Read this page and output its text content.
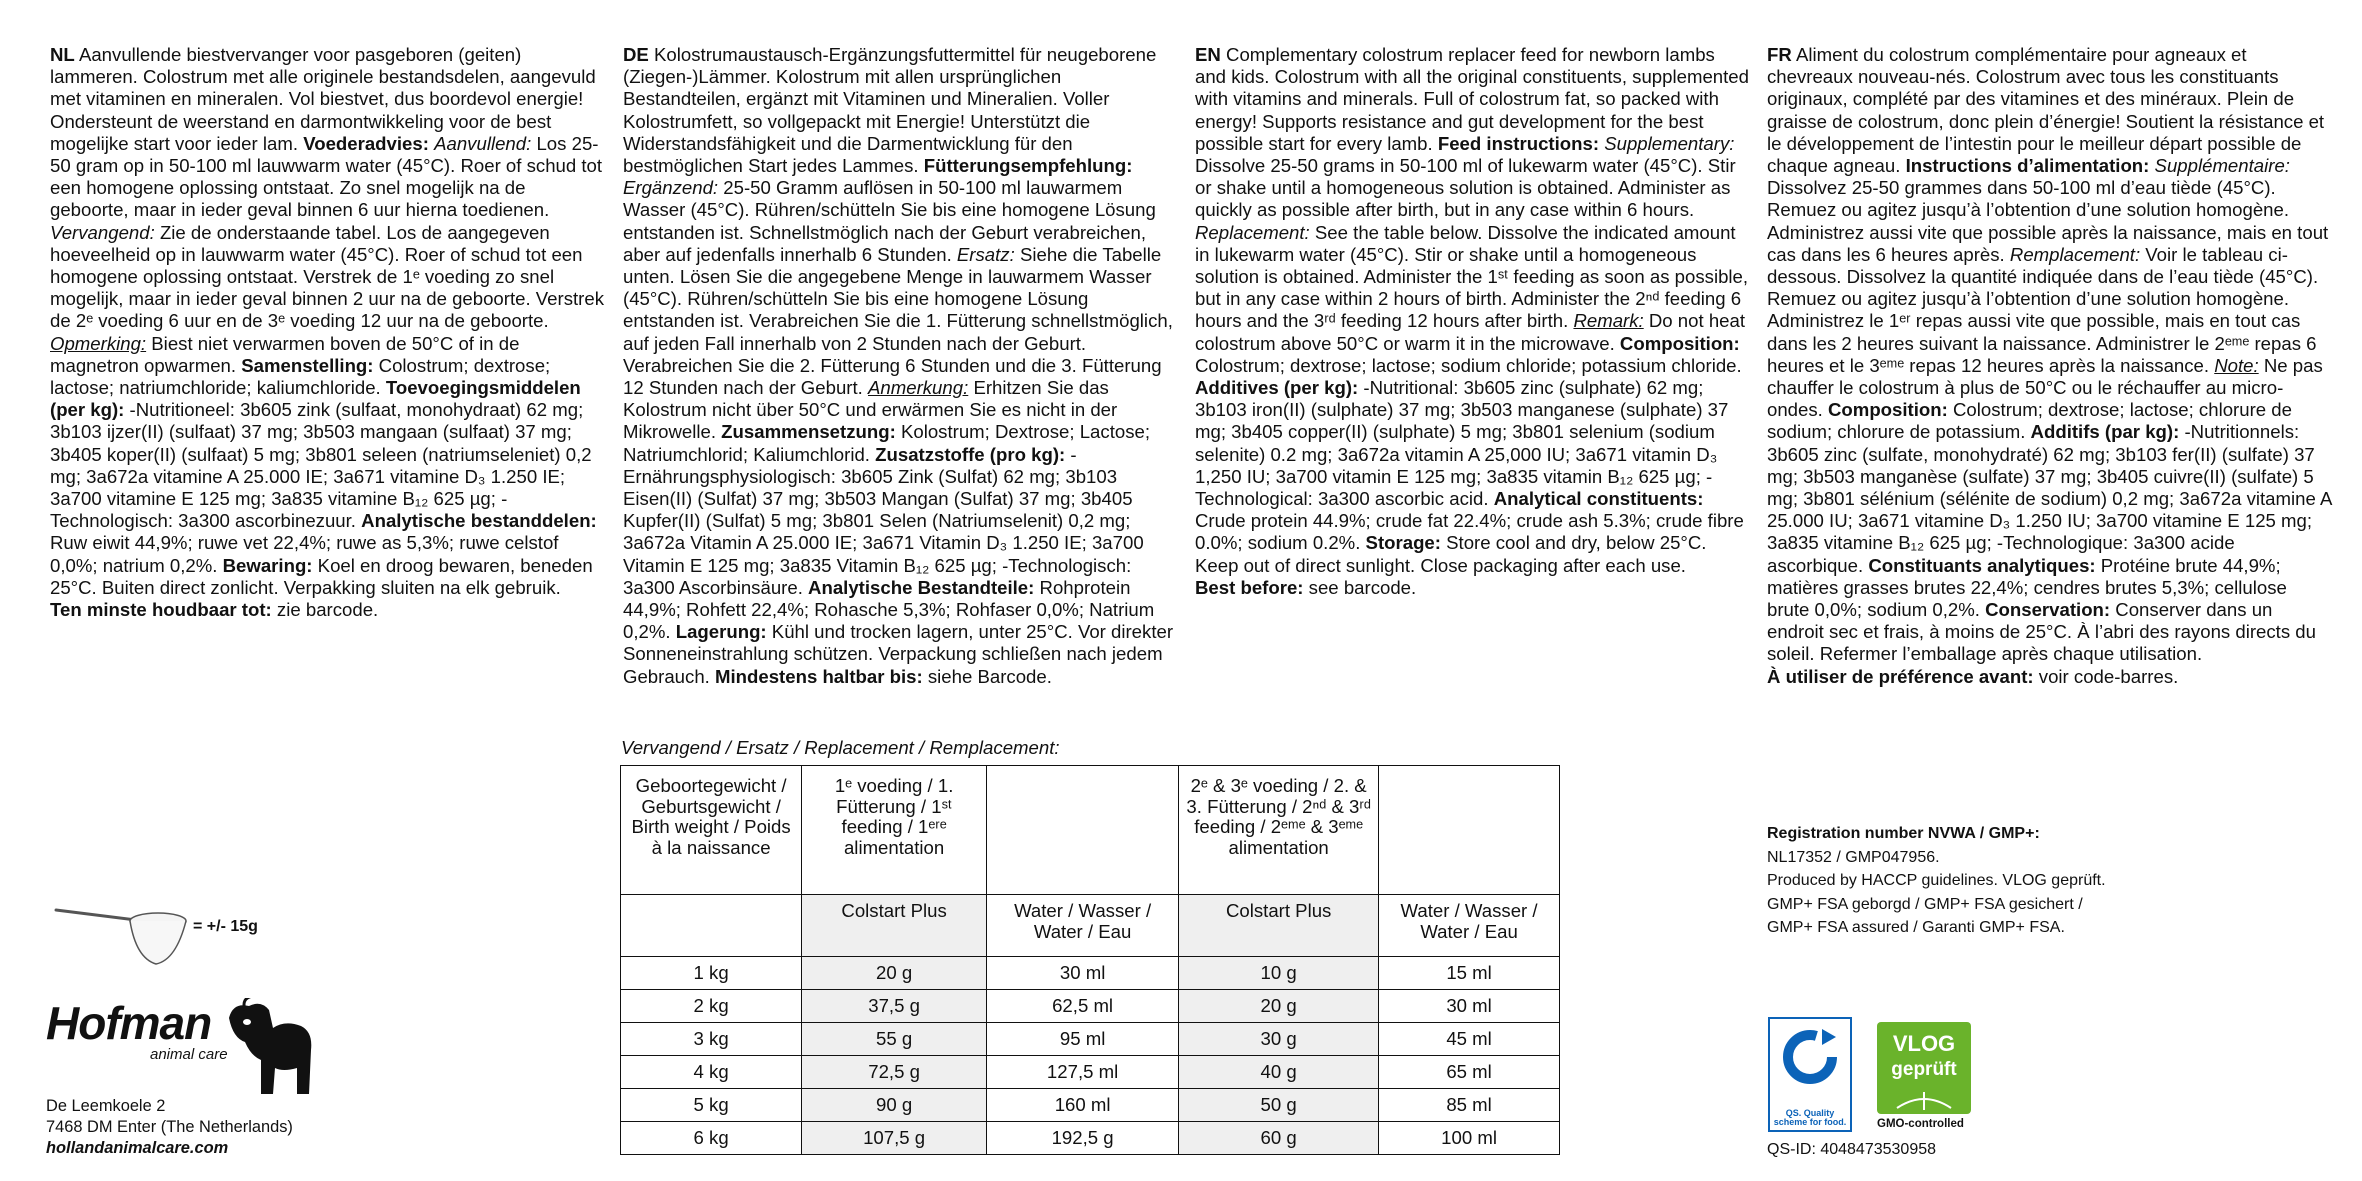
NL Aanvullende biestvervanger voor pasgeboren (geiten) lammeren. Colostrum met alle originele bestandsdelen, aangevuld met vitaminen en mineralen. Vol biestvet, dus boordevol energie! Ondersteunt de weerstand en darmontwikkeling voor de best mogelijke start voor ieder lam. Voederadvies: Aanvullend: Los 25-50 gram op in 50-100 ml lauwwarm water (45°C). Roer of schud tot een homogene oplossing ontstaat. Zo snel mogelijk na de geboorte, maar in ieder geval binnen 6 uur hierna toedienen. Vervangend: Zie de onderstaande tabel. Los de aangegeven hoeveelheid op in lauwwarm water (45°C). Roer of schud tot een homogene oplossing ontstaat. Verstrek de 1ᵉ voeding zo snel mogelijk, maar in ieder geval binnen 2 uur na de geboorte. Verstrek de 2ᵉ voeding 6 uur en de 3ᵉ voeding 12 uur na de geboorte. Opmerking: Biest niet verwarmen boven de 50°C of in de magnetron opwarmen. Samenstelling: Colostrum; dextrose; lactose; natriumchloride; kaliumchloride. Toevoegingsmiddelen (per kg): -Nutritioneel: 3b605 zink (sulfaat, monohydraat) 62 mg; 3b103 ijzer(II) (sulfaat) 37 mg; 3b503 mangaan (sulfaat) 37 mg; 3b405 koper(II) (sulfaat) 5 mg; 3b801 seleen (natriumseleniet) 0,2 mg; 3a672a vitamine A 25.000 IE; 3a671 vitamine D₃ 1.250 IE; 3a700 vitamine E 125 mg; 3a835 vitamine B₁₂ 625 µg; -Technologisch: 3a300 ascorbinezuur. Analytische bestanddelen: Ruw eiwit 44,9%; ruwe vet 22,4%; ruwe as 5,3%; ruwe celstof 0,0%; natrium 0,2%. Bewaring: Koel en droog bewaren, beneden 25°C. Buiten direct zonlicht. Verpakking sluiten na elk gebruik.
Ten minste houdbaar tot: zie barcode.

DE Kolostrumaustausch-Ergänzungsfuttermittel für neugeborene (Ziegen-)Lämmer. Kolostrum mit allen ursprünglichen Bestandteilen, ergänzt mit Vitaminen und Mineralien. Voller Kolostrumfett, so vollgepackt mit Energie! Unterstützt die Widerstandsfähigkeit und die Darmentwicklung für den bestmöglichen Start jedes Lammes. Fütterungsempfehlung: Ergänzend: 25-50 Gramm auflösen in 50-100 ml lauwarmem Wasser (45°C). Rühren/schütteln Sie bis eine homogene Lösung entstanden ist. Schnellstmöglich nach der Geburt verabreichen, aber auf jedenfalls innerhalb 6 Stunden. Ersatz: Siehe die Tabelle unten. Lösen Sie die angegebene Menge in lauwarmem Wasser (45°C). Rühren/schütteln Sie bis eine homogene Lösung entstanden ist. Verabreichen Sie die 1. Fütterung schnellstmöglich, auf jeden Fall innerhalb von 2 Stunden nach der Geburt. Verabreichen Sie die 2. Fütterung 6 Stunden und die 3. Fütterung 12 Stunden nach der Geburt. Anmerkung: Erhitzen Sie das Kolostrum nicht über 50°C und erwärmen Sie es nicht in der Mikrowelle. Zusammensetzung: Kolostrum; Dextrose; Lactose; Natriumchlorid; Kaliumchlorid. Zusatzstoffe (pro kg): -Ernährungsphysiologisch: 3b605 Zink (Sulfat) 62 mg; 3b103 Eisen(II) (Sulfat) 37 mg; 3b503 Mangan (Sulfat) 37 mg; 3b405 Kupfer(II) (Sulfat) 5 mg; 3b801 Selen (Natriumselenit) 0,2 mg; 3a672a Vitamin A 25.000 IE; 3a671 Vitamin D₃ 1.250 IE; 3a700 Vitamin E 125 mg; 3a835 Vitamin B₁₂ 625 µg; -Technologisch: 3a300 Ascorbinsäure. Analytische Bestandteile: Rohprotein 44,9%; Rohfett 22,4%; Rohasche 5,3%; Rohfaser 0,0%; Natrium 0,2%. Lagerung: Kühl und trocken lagern, unter 25°C. Vor direkter Sonneneinstrahlung schützen. Verpackung schließen nach jedem Gebrauch. Mindestens haltbar bis: siehe Barcode.

EN Complementary colostrum replacer feed for newborn lambs and kids. Colostrum with all the original constituents, supplemented with vitamins and minerals. Full of colostrum fat, so packed with energy! Supports resistance and gut development for the best possible start for every lamb. Feed instructions: Supplementary: Dissolve 25-50 grams in 50-100 ml of lukewarm water (45°C). Stir or shake until a homogeneous solution is obtained. Administer as quickly as possible after birth, but in any case within 6 hours. Replacement: See the table below. Dissolve the indicated amount in lukewarm water (45°C). Stir or shake until a homogeneous solution is obtained. Administer the 1ˢᵗ feeding as soon as possible, but in any case within 2 hours of birth. Administer the 2ⁿᵈ feeding 6 hours and the 3ʳᵈ feeding 12 hours after birth. Remark: Do not heat colostrum above 50°C or warm it in the microwave. Composition: Colostrum; dextrose; lactose; sodium chloride; potassium chloride. Additives (per kg): -Nutritional: 3b605 zinc (sulphate) 62 mg; 3b103 iron(II) (sulphate) 37 mg; 3b503 manganese (sulphate) 37 mg; 3b405 copper(II) (sulphate) 5 mg; 3b801 selenium (sodium selenite) 0.2 mg; 3a672a vitamin A 25,000 IU; 3a671 vitamin D₃ 1,250 IU; 3a700 vitamin E 125 mg; 3a835 vitamin B₁₂ 625 µg; -Technological: 3a300 ascorbic acid. Analytical constituents: Crude protein 44.9%; crude fat 22.4%; crude ash 5.3%; crude fibre 0.0%; sodium 0.2%. Storage: Store cool and dry, below 25°C. Keep out of direct sunlight. Close packaging after each use.
Best before: see barcode.

FR Aliment du colostrum complémentaire pour agneaux et chevreaux nouveau-nés. Colostrum avec tous les constituants originaux, complété par des vitamines et des minéraux. Plein de graisse de colostrum, donc plein d’énergie! Soutient la résistance et le développement de l’intestin pour le meilleur départ possible de chaque agneau. Instructions d’alimentation: Supplémentaire: Dissolvez 25-50 grammes dans 50-100 ml d’eau tiède (45°C). Remuez ou agitez jusqu’à l’obtention d’une solution homogène. Administrez aussi vite que possible après la naissance, mais en tout cas dans les 6 heures après. Remplacement: Voir le tableau ci-dessous. Dissolvez la quantité indiquée dans de l’eau tiède (45°C). Remuez ou agitez jusqu’à l’obtention d’une solution homogène. Administrez le 1ᵉʳ repas aussi vite que possible, mais en tout cas dans les 2 heures suivant la naissance. Administrer le 2ᵉᵐᵉ repas 6 heures et le 3ᵉᵐᵉ repas 12 heures après la naissance. Note: Ne pas chauffer le colostrum à plus de 50°C ou le réchauffer au micro-ondes. Composition: Colostrum; dextrose; lactose; chlorure de sodium; chlorure de potassium. Additifs (par kg): -Nutritionnels: 3b605 zinc (sulfate, monohydraté) 62 mg; 3b103 fer(II) (sulfate) 37 mg; 3b503 manganèse (sulfate) 37 mg; 3b405 cuivre(II) (sulfate) 5 mg; 3b801 sélénium (sélénite de sodium) 0,2 mg; 3a672a vitamine A 25.000 IU; 3a671 vitamine D₃ 1.250 IU; 3a700 vitamine E 125 mg; 3a835 vitamine B₁₂ 625 µg; -Technologique: 3a300 acide ascorbique. Constituants analytiques: Protéine brute 44,9%; matières grasses brutes 22,4%; cendres brutes 5,3%; cellulose brute 0,0%; sodium 0,2%. Conservation: Conserver dans un endroit sec et frais, à moins de 25°C. À l’abri des rayons directs du soleil. Refermer l’emballage après chaque utilisation.
À utiliser de préférence avant: voir code-barres.

Vervangend / Ersatz / Replacement / Remplacement:
Geboortegewicht / Geburtsgewicht / Birth weight / Poids à la naissance	1ᵉ voeding / 1. Fütterung / 1ˢᵗ feeding / 1ᵉʳᵉ alimentation		2ᵉ & 3ᵉ voeding / 2. & 3. Fütterung / 2ⁿᵈ & 3ʳᵈ feeding / 2ᵉᵐᵉ & 3ᵉᵐᵉ alimentation	
	Colstart Plus	Water / Wasser / Water / Eau	Colstart Plus	Water / Wasser / Water / Eau
1 kg	20 g	30 ml	10 g	15 ml
2 kg	37,5 g	62,5 ml	20 g	30 ml
3 kg	55 g	95 ml	30 g	45 ml
4 kg	72,5 g	127,5 ml	40 g	65 ml
5 kg	90 g	160 ml	50 g	85 ml
6 kg	107,5 g	192,5 g	60 g	100 ml
= +/- 15g
Hofman
animal care
De Leemkoele 2
7468 DM Enter (The Netherlands)
hollandanimalcare.com
Registration number NVWA / GMP+:
NL17352 / GMP047956.
Produced by HACCP guidelines. VLOG geprüft.
GMP+ FSA geborgd / GMP+ FSA gesichert /
GMP+ FSA assured / Garanti GMP+ FSA.
QS. Quality
scheme for food.
VLOG
geprüft
GMO-controlled
QS-ID: 4048473530958
